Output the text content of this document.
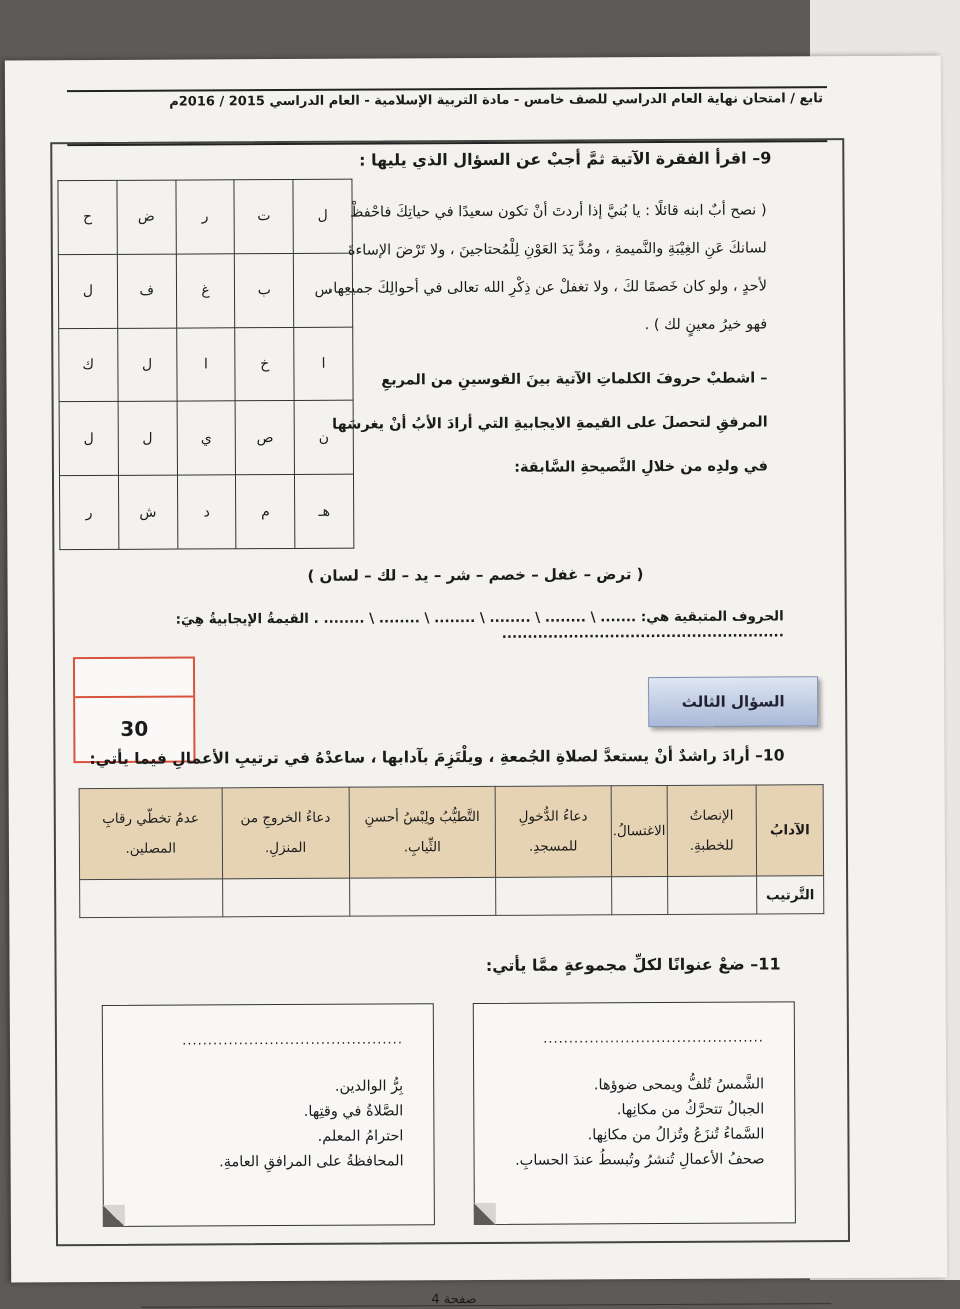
تابع / امتحان نهاية العام الدراسي للصف خامس - مادة التربية الإسلامية - العام الدراسي 2015 / 2016م
9– اقرأ الفقرة الآتية ثمَّ أجبْ عن السؤال الذي يليها :
( نصح أبٌ ابنه قائلًا : يا بُنيَّ إذا أردتَ أنْ تكون سعيدًا في حياتِكَ فاحْفظْ لسانكَ عَنِ الغِيْبَةِ والنَّميمةِ ، ومُدَّ يَدَ العَوْنِ لِلْمُحتاجينَ ، ولا تَرْضَ الإساءةَ لأحدٍ ، ولو كان خَصمًا لكَ ، ولا تغفلْ عن ذِكْرِ الله تعالى في أحوالِكَ جميعِها، فهو خيرُ معينٍ لك ) .
– اشطبْ حروفَ الكلماتِ الآتية بينَ القوسينِ من المربعِ المرفقِ لتحصلَ على القيمةِ الايجابيةِ التي أرادَ الأبُ أنْ يغرسَها في ولدِه من خلالِ النَّصيحةِ السَّابقة:
ل	ت	ر	ض	ح
س	ب	غ	ف	ل
ا	خ	ا	ل	ك
ن	ص	ي	ل	ل
هـ	م	د	ش	ر
( ترض – غفل – خصم – شر – يد – لك – لسان )
الحروف المتبقية هي: ....... \ ........ \ ........ \ ........ \ ........ \ ........ . القيمةُ الإيجابيةُ هِيَ: .......................................................
30
السؤال الثالث
10– أرادَ راشدٌ أنْ يستعدَّ لصلاةِ الجُمعةِ ، ويلْتَزِمَ بآدابها ، ساعدْهُ في ترتيبِ الأعمالِ فيما يأتي:
الآدابُ	الإنصاتُ للخطبةِ.	الاغتسالُ.	دعاءُ الدُّخولِ للمسجدِ.	التَّطيُّبُ ولِبْسُ أحسنِ الثِّيابِ.	دعاءُ الخروجِ من المنزلِ.	عدمُ تخطّي رقابِ المصلين.
التَّرتيب						
11– ضعْ عنوانًا لكلِّ مجموعةٍ ممَّا يأتي:
...........................................
الشَّمسُ تُلفُّ ويمحى ضوؤها.
الجبالُ تتحرَّكُ من مكانِها.
السَّماءُ تُنزَعُ وتُزالُ من مكانِها.
صحفُ الأعمالِ تُنشرُ وتُبسطُ عندَ الحسابِ.
...........................................
بِرُّ الوالدين.
الصَّلاةُ في وقتِها.
احترامُ المعلم.
المحافظةُ على المرافقِ العامةِ.
صفحة 4
